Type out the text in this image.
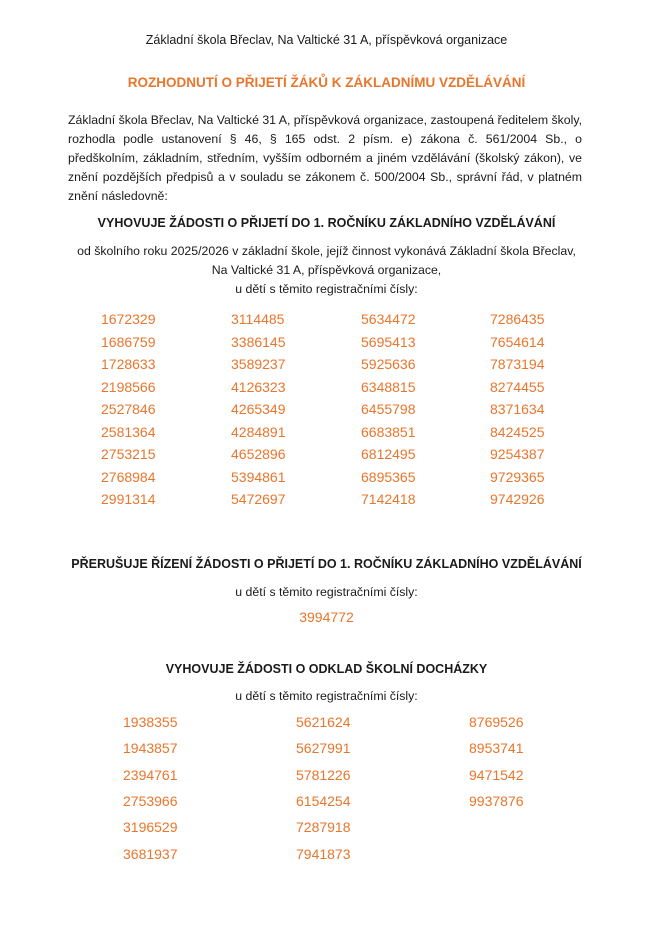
Základní škola Břeclav, Na Valtické 31 A, příspěvková organizace
ROZHODNUTÍ O PŘIJETÍ ŽÁKŮ K ZÁKLADNÍMU VZDĚLÁVÁNÍ
Základní škola Břeclav, Na Valtické 31 A, příspěvková organizace, zastoupená ředitelem školy, rozhodla podle ustanovení § 46, § 165 odst. 2 písm. e) zákona č. 561/2004 Sb., o předškolním, základním, středním, vyšším odborném a jiném vzdělávání (školský zákon), ve znění pozdějších předpisů a v souladu se zákonem č. 500/2004 Sb., správní řád, v platném znění následovně:
VYHOVUJE ŽÁDOSTI O PŘIJETÍ DO 1. ROČNÍKU ZÁKLADNÍHO VZDĚLÁVÁNÍ
od školního roku 2025/2026 v základní škole, jejíž činnost vykonává Základní škola Břeclav,
Na Valtické 31 A, příspěvková organizace,
u dětí s těmito registračními čísly:
1672329
1686759
1728633
2198566
2527846
2581364
2753215
2768984
2991314
3114485
3386145
3589237
4126323
4265349
4284891
4652896
5394861
5472697
5634472
5695413
5925636
6348815
6455798
6683851
6812495
6895365
7142418
7286435
7654614
7873194
8274455
8371634
8424525
9254387
9729365
9742926
PŘERUŠUJE ŘÍZENÍ ŽÁDOSTI O PŘIJETÍ DO 1. ROČNÍKU ZÁKLADNÍHO VZDĚLÁVÁNÍ
u dětí s těmito registračními čísly:
3994772
VYHOVUJE ŽÁDOSTI O ODKLAD ŠKOLNÍ DOCHÁZKY
u dětí s těmito registračními čísly:
1938355
1943857
2394761
2753966
3196529
3681937
5621624
5627991
5781226
6154254
7287918
7941873
8769526
8953741
9471542
9937876
